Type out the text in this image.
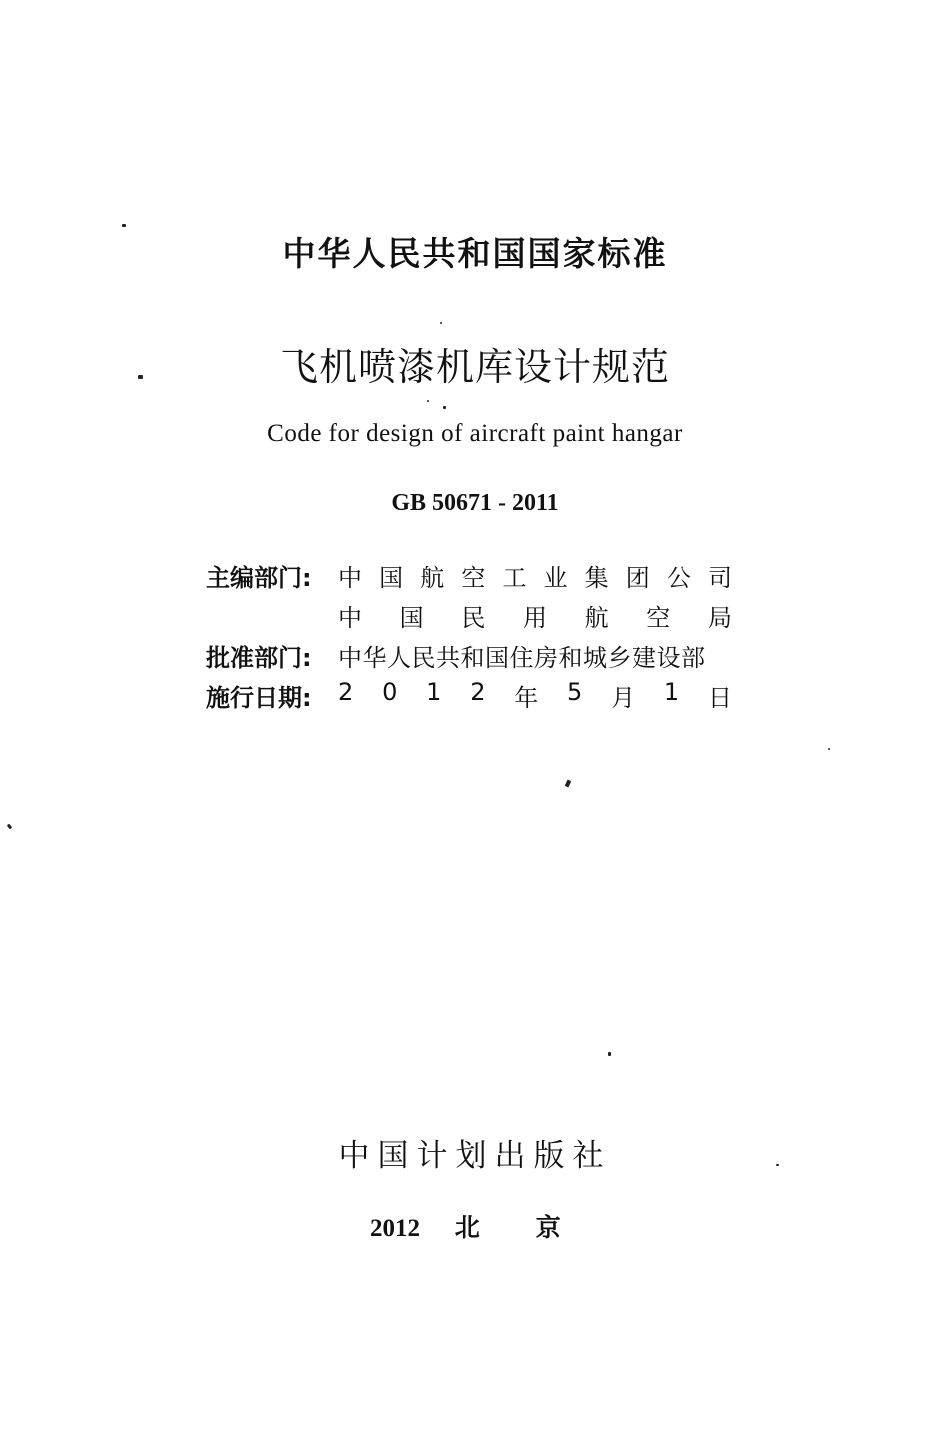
中华人民共和国国家标准
飞机喷漆机库设计规范
Code for design of aircraft paint hangar
GB 50671 - 2011
主编部门:	中 国 航 空 工 业 集 团 公 司
中 国 民 用 航 空 局
批准部门:	中华人民共和国住房和城乡建设部
施行日期:	2 0 1 2 年 5 月 1 日
中国计划出版社
2012 北京
